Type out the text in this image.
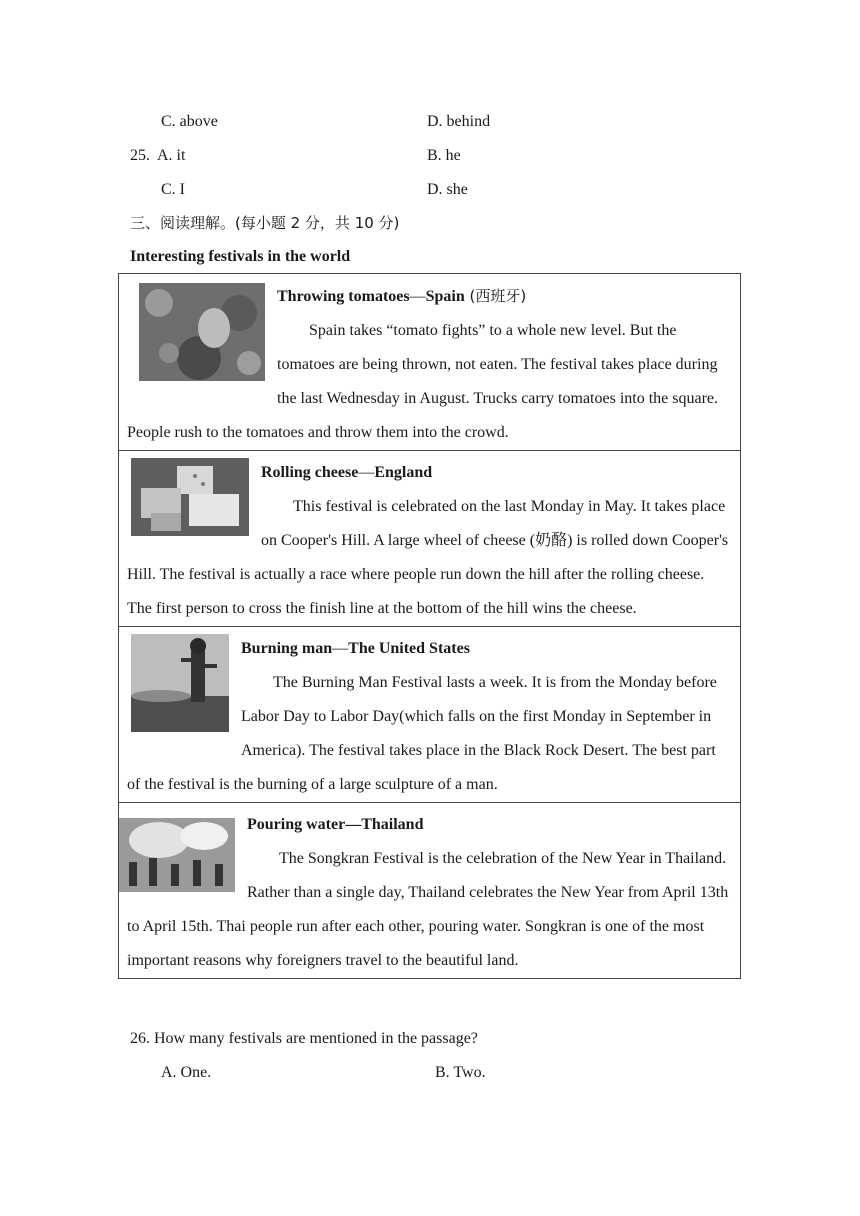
C. above	D. behind
25. A. it	B. he
C. I	D. she
三、阅读理解。(每小题 2 分，共 10 分)
Interesting festivals in the world
Throwing tomatoes—Spain (西班牙)
Spain takes “tomato fights” to a whole new level. But the tomatoes are being thrown, not eaten. The festival takes place during the last Wednesday in August. Trucks carry tomatoes into the square. People rush to the tomatoes and throw them into the crowd.

Rolling cheese—England
This festival is celebrated on the last Monday in May. It takes place on Cooper's Hill. A large wheel of cheese (奶酪) is rolled down Cooper's Hill. The festival is actually a race where people run down the hill after the rolling cheese. The first person to cross the finish line at the bottom of the hill wins the cheese.

Burning man—The United States
The Burning Man Festival lasts a week. It is from the Monday before Labor Day to Labor Day(which falls on the first Monday in September in America). The festival takes place in the Black Rock Desert. The best part of the festival is the burning of a large sculpture of a man.

Pouring water—Thailand
The Songkran Festival is the celebration of the New Year in Thailand. Rather than a single day, Thailand celebrates the New Year from April 13th to April 15th. Thai people run after each other, pouring water. Songkran is one of the most important reasons why foreigners travel to the beautiful land.
26. How many festivals are mentioned in the passage?
A. One.	B. Two.
